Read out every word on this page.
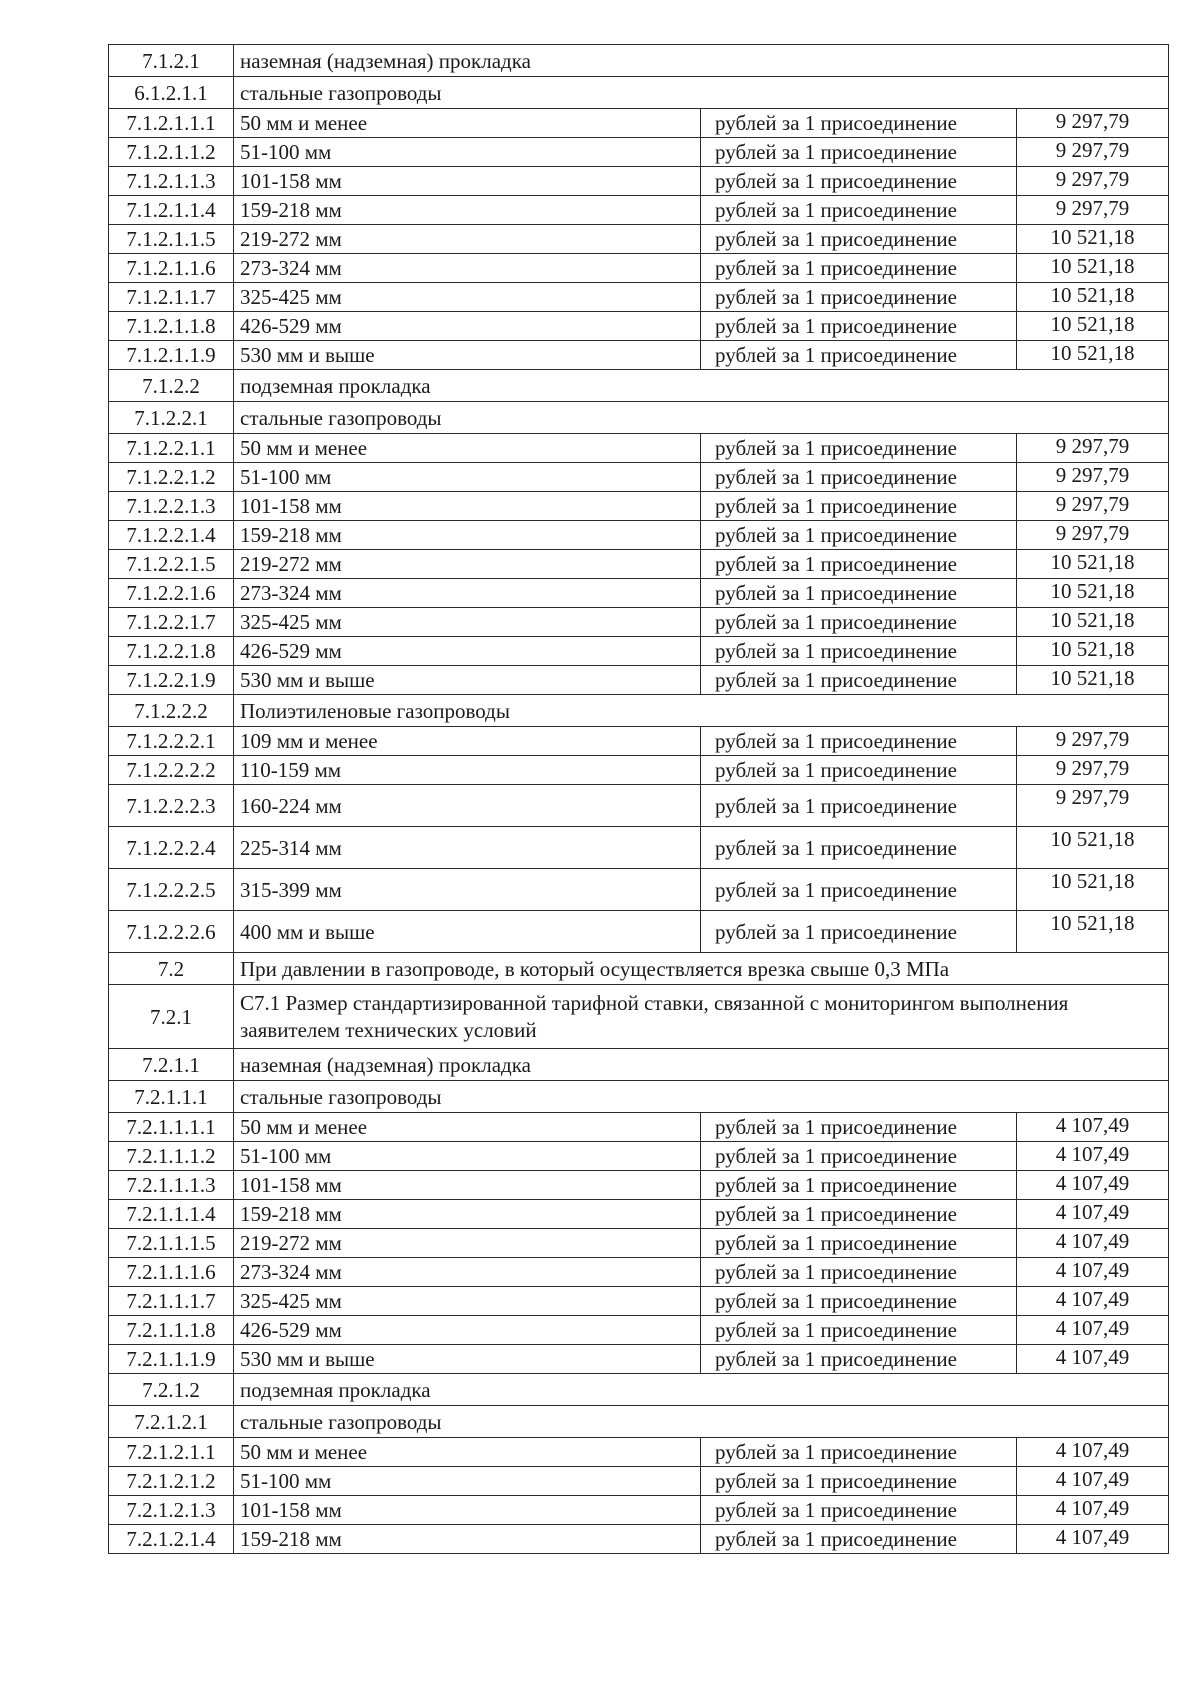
7.1.2.1	наземная (надземная) прокладка		
6.1.2.1.1	стальные газопроводы		
7.1.2.1.1.1	50 мм и менее	рублей за 1 присоединение	9 297,79
7.1.2.1.1.2	51-100 мм	рублей за 1 присоединение	9 297,79
7.1.2.1.1.3	101-158 мм	рублей за 1 присоединение	9 297,79
7.1.2.1.1.4	159-218 мм	рублей за 1 присоединение	9 297,79
7.1.2.1.1.5	219-272 мм	рублей за 1 присоединение	10 521,18
7.1.2.1.1.6	273-324 мм	рублей за 1 присоединение	10 521,18
7.1.2.1.1.7	325-425 мм	рублей за 1 присоединение	10 521,18
7.1.2.1.1.8	426-529 мм	рублей за 1 присоединение	10 521,18
7.1.2.1.1.9	530 мм и выше	рублей за 1 присоединение	10 521,18
7.1.2.2	подземная прокладка		
7.1.2.2.1	стальные газопроводы		
7.1.2.2.1.1	50 мм и менее	рублей за 1 присоединение	9 297,79
7.1.2.2.1.2	51-100 мм	рублей за 1 присоединение	9 297,79
7.1.2.2.1.3	101-158 мм	рублей за 1 присоединение	9 297,79
7.1.2.2.1.4	159-218 мм	рублей за 1 присоединение	9 297,79
7.1.2.2.1.5	219-272 мм	рублей за 1 присоединение	10 521,18
7.1.2.2.1.6	273-324 мм	рублей за 1 присоединение	10 521,18
7.1.2.2.1.7	325-425 мм	рублей за 1 присоединение	10 521,18
7.1.2.2.1.8	426-529 мм	рублей за 1 присоединение	10 521,18
7.1.2.2.1.9	530 мм и выше	рублей за 1 присоединение	10 521,18
7.1.2.2.2	Полиэтиленовые газопроводы		
7.1.2.2.2.1	109 мм и менее	рублей за 1 присоединение	9 297,79
7.1.2.2.2.2	110-159 мм	рублей за 1 присоединение	9 297,79
7.1.2.2.2.3	160-224 мм	рублей за 1 присоединение	9 297,79
7.1.2.2.2.4	225-314 мм	рублей за 1 присоединение	10 521,18
7.1.2.2.2.5	315-399 мм	рублей за 1 присоединение	10 521,18
7.1.2.2.2.6	400 мм и выше	рублей за 1 присоединение	10 521,18
7.2	При давлении в газопроводе, в который осуществляется врезка свыше 0,3 МПа		
7.2.1	С7.1 Размер стандартизированной тарифной ставки, связанной с мониторингом выполнения заявителем технических условий		
7.2.1.1	наземная (надземная) прокладка		
7.2.1.1.1	стальные газопроводы		
7.2.1.1.1.1	50 мм и менее	рублей за 1 присоединение	4 107,49
7.2.1.1.1.2	51-100 мм	рублей за 1 присоединение	4 107,49
7.2.1.1.1.3	101-158 мм	рублей за 1 присоединение	4 107,49
7.2.1.1.1.4	159-218 мм	рублей за 1 присоединение	4 107,49
7.2.1.1.1.5	219-272 мм	рублей за 1 присоединение	4 107,49
7.2.1.1.1.6	273-324 мм	рублей за 1 присоединение	4 107,49
7.2.1.1.1.7	325-425 мм	рублей за 1 присоединение	4 107,49
7.2.1.1.1.8	426-529 мм	рублей за 1 присоединение	4 107,49
7.2.1.1.1.9	530 мм и выше	рублей за 1 присоединение	4 107,49
7.2.1.2	подземная прокладка		
7.2.1.2.1	стальные газопроводы		
7.2.1.2.1.1	50 мм и менее	рублей за 1 присоединение	4 107,49
7.2.1.2.1.2	51-100 мм	рублей за 1 присоединение	4 107,49
7.2.1.2.1.3	101-158 мм	рублей за 1 присоединение	4 107,49
7.2.1.2.1.4	159-218 мм	рублей за 1 присоединение	4 107,49
